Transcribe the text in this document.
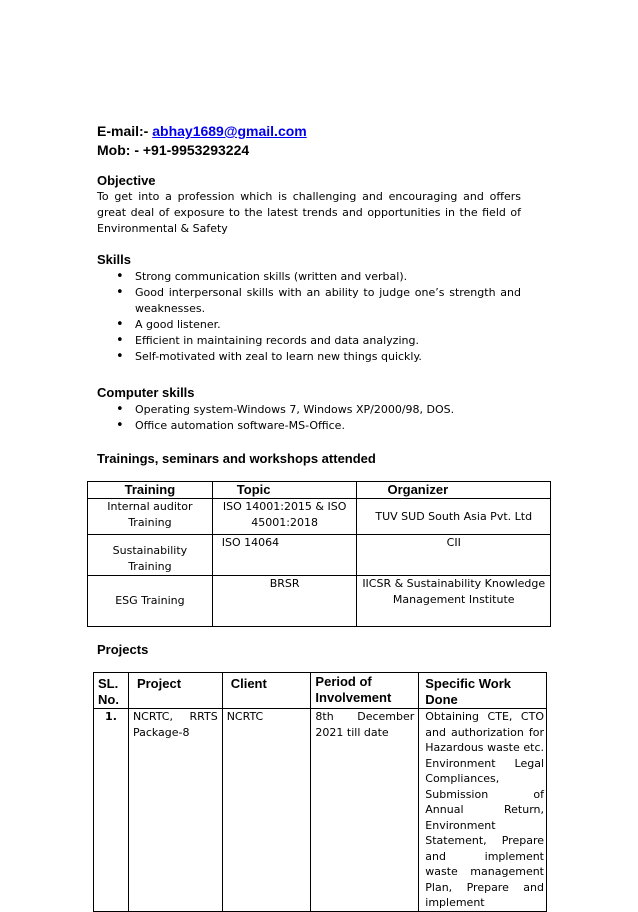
E-mail:- abhay1689@gmail.com
Mob: - +91-9953293224
Objective
To get into a profession which is challenging and encouraging and offers great deal of exposure to the latest trends and opportunities in the field of Environmental & Safety
Skills
• Strong communication skills (written and verbal).
• Good interpersonal skills with an ability to judge one’s strength and weaknesses.
• A good listener.
• Efficient in maintaining records and data analyzing.
• Self-motivated with zeal to learn new things quickly.
Computer skills
• Operating system-Windows 7, Windows XP/2000/98, DOS.
• Office automation software-MS-Office.
Trainings, seminars and workshops attended
Training	Topic	Organizer
Internal auditor Training	ISO 14001:2015 & ISO 45001:2018	TUV SUD South Asia Pvt. Ltd
Sustainability Training	ISO 14064	CII
ESG Training	BRSR	IICSR & Sustainability Knowledge Management Institute
Projects
SL. No.	Project	Client	Period of Involvement	Specific Work Done
1.	NCRTC, RRTS Package-8	NCRTC	8th December 2021 till date	Obtaining CTE, CTO and authorization for Hazardous waste etc. Environment Legal Compliances, Submission of Annual Return, Environment Statement, Prepare and implement waste management Plan, Prepare and implement
